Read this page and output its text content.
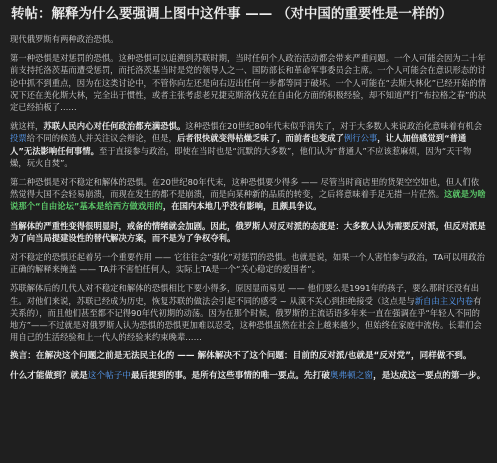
转帖：解释为什么要强调上图中这件事 —— （对中国的重要性是一样的）

现代俄罗斯有两种政治恐惧。

第一种恐惧是对惩罚的恐惧。这种恐惧可以追溯到苏联时期，当时任何个人政治活动都会带来严重问题。一个人可能会因为二十年前支持托洛茨基而遭受惩罚，而托洛茨基当时是党的领导人之一、国防部长和革命军事委员会主席。一个人可能会在意识形态的讨论中抓不到重点，因为在这类讨论中，不管你向左还是向右迈出任何一步都等同于破坏。一个人可能在“去斯大林化”已经开始的情况下还在美化斯大林，完全出于惯性，或者主张考虑老兄捷克斯洛伐克在自由化方面的积极经验，却不知道严打“布拉格之春”的决定已经拍板了……

就这样，苏联人民内心对任何政治都充满恐惧。这种恐惧在20世纪80年代末似乎消失了，对于大多数人来说政治化意味着有机会投票给不同的候选人并关注议会辩论，但是，后者很快就变得枯燥乏味了，而前者也变成了例行公事，让人加倍感觉到“普通人”无法影响任何事情。至于直接参与政治，即使在当时也是“沉默的大多数”，他们认为“普通人”不应该惹麻烦，因为“天干物燥，玩火自焚”。

第二种恐惧是对不稳定和解体的恐惧。在20世纪80年代末，这种恐惧要少得多 —— 尽管当时商店里的货架空空如也，但人们依然觉得大国不会轻易崩溃，而现在发生的都不是崩溃，而是向某种新的品质的转变，之后将意味着手足无措一片茫然。这就是为啥说那个“自由论坛”基本是给西方做戏用的，在国内本地几乎没有影响，且颇具争议。

当解体的严重性变得很明显时，戒备的情绪就会加剧。因此，俄罗斯人对反对派的态度是：大多数人认为需要反对派，但反对派是为了向当局提建设性的替代解决方案，而不是为了争权夺利。

对不稳定的恐惧还起着另一个重要作用 —— 它往往会“强化”对惩罚的恐惧。也就是说，如果一个人害怕参与政治，TA可以用政治正确的解释来掩盖 —— TA并不害怕任何人，实际上TA是一个“关心稳定的爱国者”。

苏联解体后的几代人对不稳定和解体的恐惧相比下要小得多，原因显而易见 —— 他们要么是1991年的孩子，要么那时还没有出生。对他们来说，苏联已经成为历史，恢复苏联的做法会引起不同的感受 ~ 从漠不关心到拒绝接受（这点是与新自由主义内卷有关系的），而且他们甚至都不记得90年代初期的动荡。因为在那个时候，俄罗斯的主流话语多年来一直在强调在乎“年轻人不同的地方”——不过就是对俄罗斯人认为恐惧的恐惧更加难以忍受，这种恐惧虽然在社会上越来越少，但始终在家庭中流传。长辈们会用自己的生活经验和上一代人的经验来约束晚辈……

换言：在解决这个问题之前是无法民主化的 —— 解体解决不了这个问题：目前的反对派/也就是“反对党”，同样做不到。

什么才能做到？就是这个帖子中最后提到的事。是所有这些事情的唯一要点。先打破奥弗顿之窗，是达成这一要点的第一步。
